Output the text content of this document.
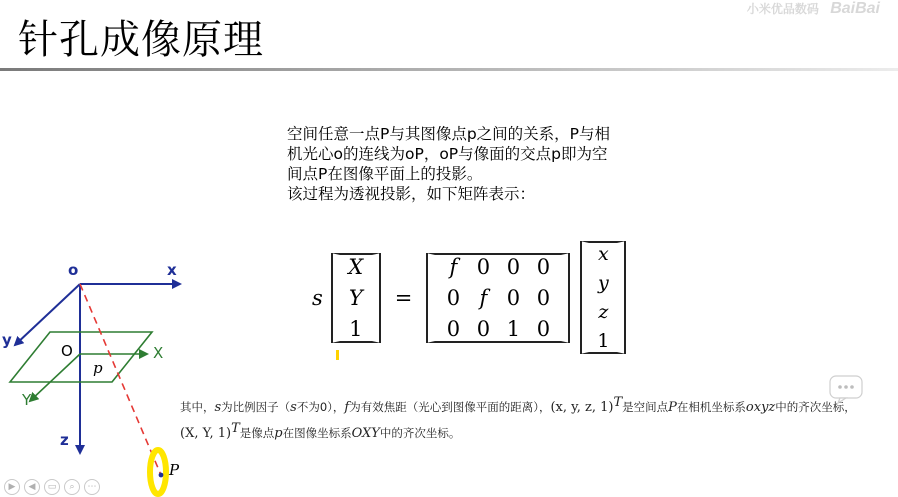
针孔成像原理
小米优品数码 BaiBai

空间任意一点P与其图像点p之间的关系，P与相

机光心o的连线为oP，oP与像面的交点p即为空

间点P在图像平面上的投影。

该过程为透视投影，如下矩阵表示：

o	x
y
z
O	X
Y
p
P
s
X
Y
1
=
f 0 0 0
0 f 0 0
0 0 1 0
x
y
z
1
其中，s为比例因子（s不为0），f为有效焦距（光心到图像平面的距离），(x, y, z, 1)$^T$是空间点P在相机坐标系oxyz中的齐次坐标，
(X, Y, 1)$^T$是像点p在图像坐标系OXY中的齐次坐标。
▶	◀	▭	⌕	⋯
